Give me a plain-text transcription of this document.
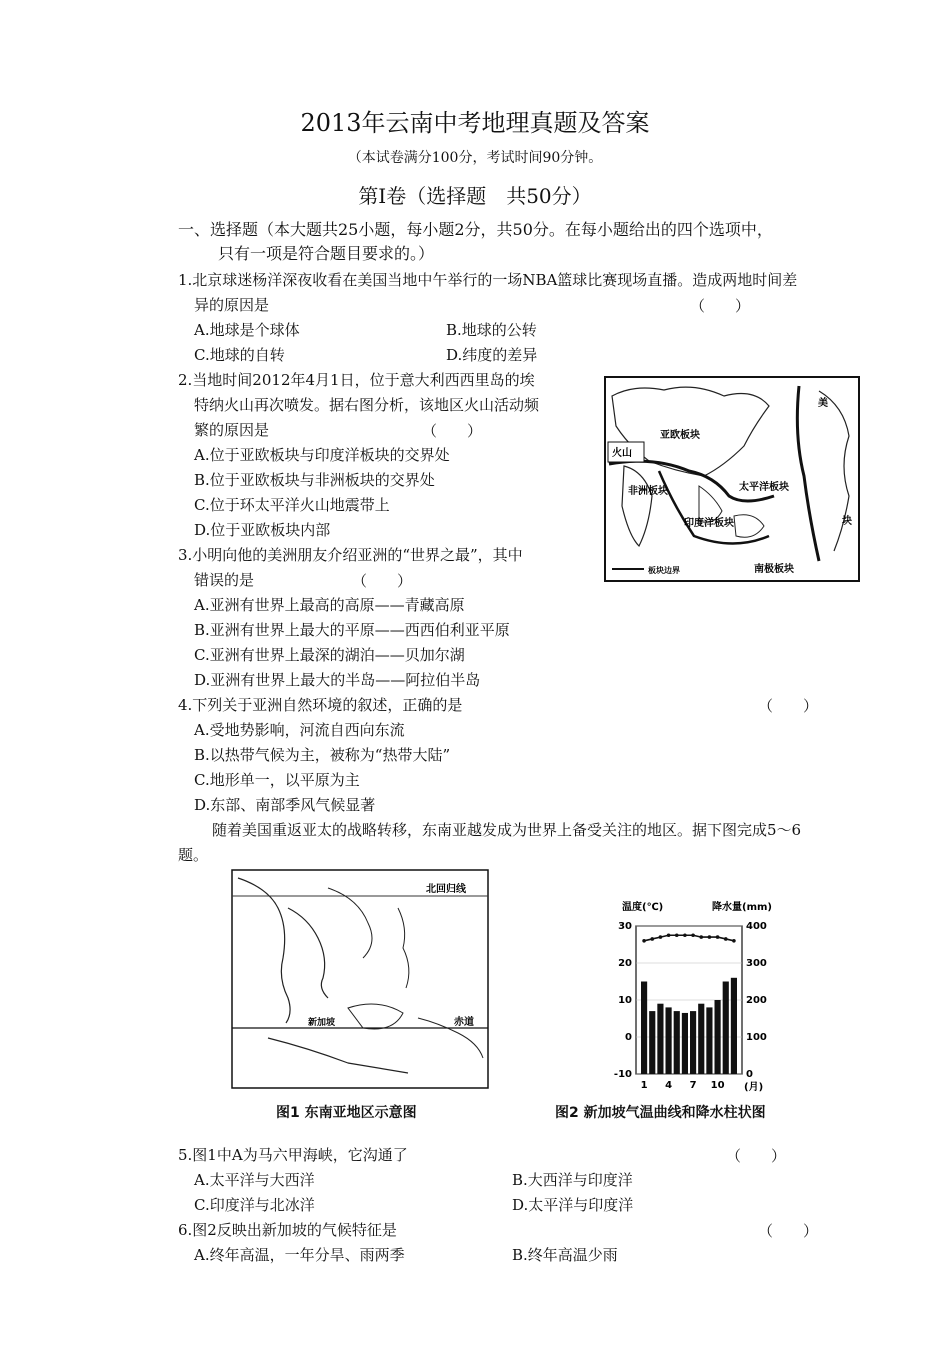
2013年云南中考地理真题及答案
（本试卷满分100分，考试时间90分钟。
第Ⅰ卷（选择题　共50分）
一、选择题（本大题共25小题，每小题2分，共50分。在每小题给出的四个选项中，
只有一项是符合题目要求的。）
1.北京球迷杨洋深夜收看在美国当地中午举行的一场NBA篮球比赛现场直播。造成两地时间差
异的原因是	（　　）
A.地球是个球体	B.地球的公转
C.地球的自转	D.纬度的差异
2.当地时间2012年4月1日，位于意大利西西里岛的埃
特纳火山再次喷发。据右图分析，该地区火山活动频
繁的原因是	（　　）
A.位于亚欧板块与印度洋板块的交界处
B.位于亚欧板块与非洲板块的交界处
C.位于环太平洋火山地震带上
D.位于亚欧板块内部
亚欧板块
太平洋板块
印度洋板块
非洲板块
南极板块
美
块
火山
板块边界
3.小明向他的美洲朋友介绍亚洲的“世界之最”，其中
错误的是	（　　）
A.亚洲有世界上最高的高原——青藏高原
B.亚洲有世界上最大的平原——西西伯利亚平原
C.亚洲有世界上最深的湖泊——贝加尔湖
D.亚洲有世界上最大的半岛——阿拉伯半岛
4.下列关于亚洲自然环境的叙述，正确的是	（　　）
A.受地势影响，河流自西向东流
B.以热带气候为主，被称为“热带大陆”
C.地形单一，以平原为主
D.东部、南部季风气候显著
随着美国重返亚太的战略转移，东南亚越发成为世界上备受关注的地区。据下图完成5～6
题。
北回归线
赤道
新加坡
图1 东南亚地区示意图
温度(℃)	降水量(mm)
30
20
10
0
-10
400
300
200
100
0
1 4 7 10 (月)
图2 新加坡气温曲线和降水柱状图
5.图1中A为马六甲海峡，它沟通了	（　　）
A.太平洋与大西洋	B.大西洋与印度洋
C.印度洋与北冰洋	D.太平洋与印度洋
6.图2反映出新加坡的气候特征是	（　　）
A.终年高温，一年分旱、雨两季	B.终年高温少雨
